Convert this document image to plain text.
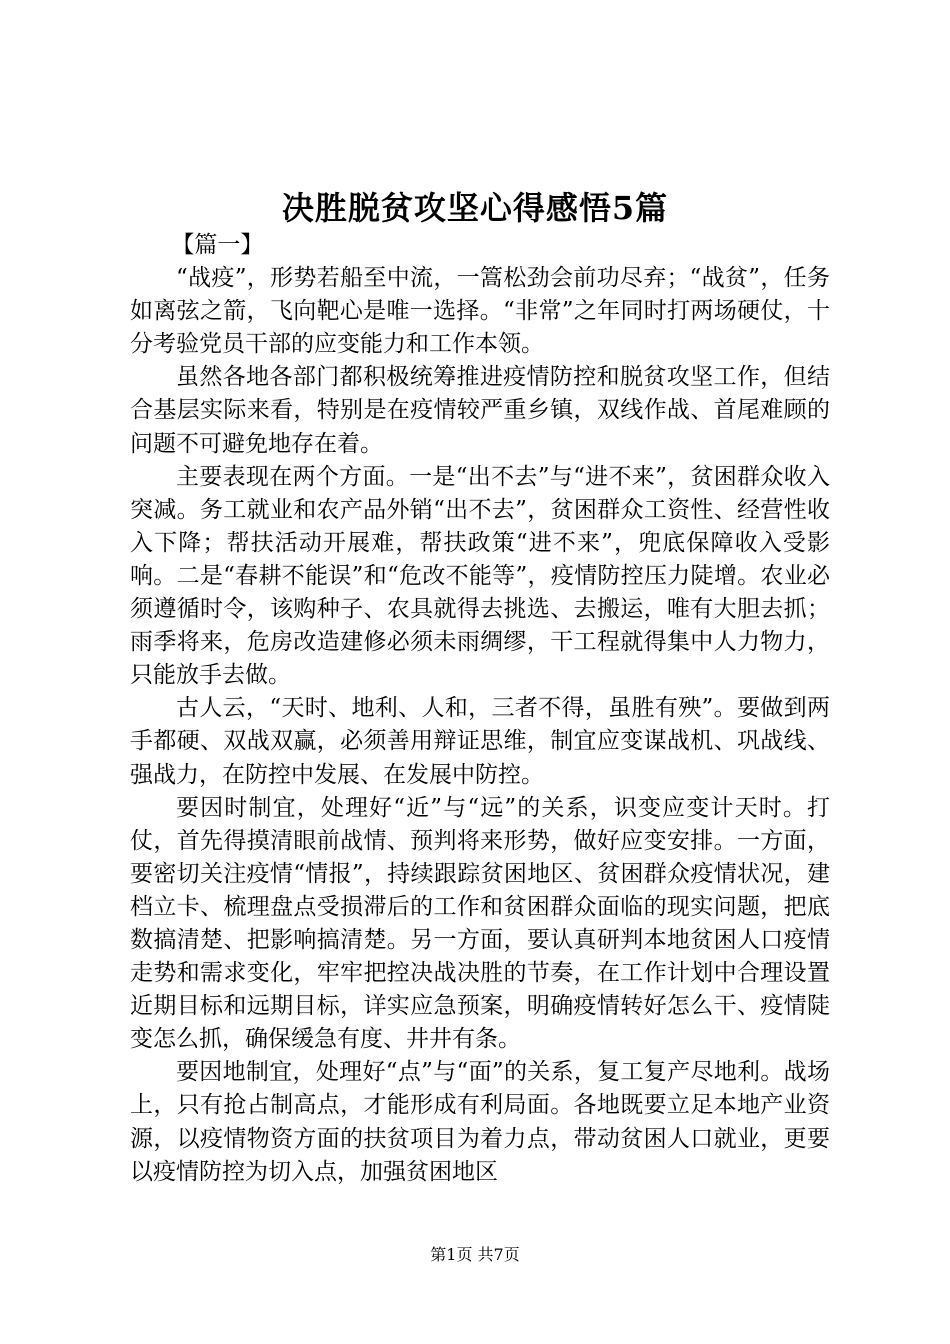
决胜脱贫攻坚心得感悟5篇

【篇一】

“战疫”，形势若船至中流，一篙松劲会前功尽弃；“战贫”，任务如离弦之箭，飞向靶心是唯一选择。“非常”之年同时打两场硬仗，十分考验党员干部的应变能力和工作本领。

虽然各地各部门都积极统筹推进疫情防控和脱贫攻坚工作，但结合基层实际来看，特别是在疫情较严重乡镇，双线作战、首尾难顾的问题不可避免地存在着。

主要表现在两个方面。一是“出不去”与“进不来”，贫困群众收入突减。务工就业和农产品外销“出不去”，贫困群众工资性、经营性收入下降；帮扶活动开展难，帮扶政策“进不来”，兜底保障收入受影响。二是“春耕不能误”和“危改不能等”，疫情防控压力陡增。农业必须遵循时令，该购种子、农具就得去挑选、去搬运，唯有大胆去抓；雨季将来，危房改造建修必须未雨绸缪，干工程就得集中人力物力，只能放手去做。

古人云，“天时、地利、人和，三者不得，虽胜有殃”。要做到两手都硬、双战双赢，必须善用辩证思维，制宜应变谋战机、巩战线、强战力，在防控中发展、在发展中防控。

要因时制宜，处理好“近”与“远”的关系，识变应变计天时。打仗，首先得摸清眼前战情、预判将来形势，做好应变安排。一方面，要密切关注疫情“情报”，持续跟踪贫困地区、贫困群众疫情状况，建档立卡、梳理盘点受损滞后的工作和贫困群众面临的现实问题，把底数搞清楚、把影响搞清楚。另一方面，要认真研判本地贫困人口疫情走势和需求变化，牢牢把控决战决胜的节奏，在工作计划中合理设置近期目标和远期目标，详实应急预案，明确疫情转好怎么干、疫情陡变怎么抓，确保缓急有度、井井有条。

要因地制宜，处理好“点”与“面”的关系，复工复产尽地利。战场上，只有抢占制高点，才能形成有利局面。各地既要立足本地产业资源，以疫情物资方面的扶贫项目为着力点，带动贫困人口就业，更要以疫情防控为切入点，加强贫困地区

第1页 共7页
